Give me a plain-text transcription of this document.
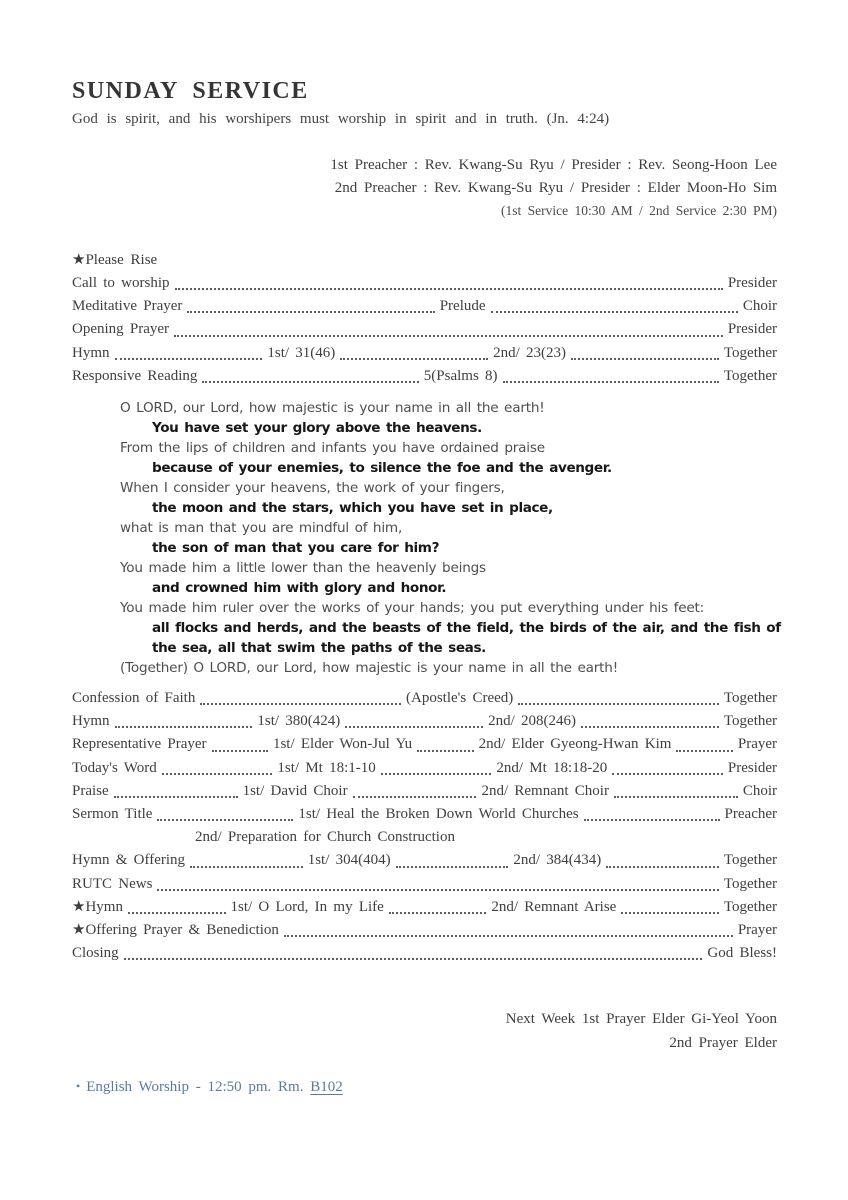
SUNDAY SERVICE
God is spirit, and his worshipers must worship in spirit and in truth. (Jn. 4:24)
1st Preacher : Rev. Kwang-Su Ryu / Presider : Rev. Seong-Hoon Lee
2nd Preacher : Rev. Kwang-Su Ryu / Presider : Elder Moon-Ho Sim
(1st Service 10:30 AM / 2nd Service 2:30 PM)
★Please Rise
Call to worship	Presider
Meditative Prayer	Prelude	Choir
Opening Prayer	Presider
Hymn	1st/ 31(46)	2nd/ 23(23)	Together
Responsive Reading	5(Psalms 8)	Together
O LORD, our Lord, how majestic is your name in all the earth!
You have set your glory above the heavens.
From the lips of children and infants you have ordained praise
because of your enemies, to silence the foe and the avenger.
When I consider your heavens, the work of your fingers,
the moon and the stars, which you have set in place,
what is man that you are mindful of him,
the son of man that you care for him?
You made him a little lower than the heavenly beings
and crowned him with glory and honor.
You made him ruler over the works of your hands; you put everything under his feet:
all flocks and herds, and the beasts of the field, the birds of the air, and the fish of
the sea, all that swim the paths of the seas.
(Together) O LORD, our Lord, how majestic is your name in all the earth!
Confession of Faith	(Apostle's Creed)	Together
Hymn	1st/ 380(424)	2nd/ 208(246)	Together
Representative Prayer	1st/ Elder Won-Jul Yu	2nd/ Elder Gyeong-Hwan Kim	Prayer
Today's Word	1st/ Mt 18:1-10	2nd/ Mt 18:18-20	Presider
Praise	1st/ David Choir	2nd/ Remnant Choir	Choir
Sermon Title	1st/ Heal the Broken Down World Churches	Preacher
2nd/ Preparation for Church Construction
Hymn & Offering	1st/ 304(404)	2nd/ 384(434)	Together
RUTC News	Together
★Hymn	1st/ O Lord, In my Life	2nd/ Remnant Arise	Together
★Offering Prayer & Benediction	Prayer
Closing	God Bless!
Next Week 1st Prayer Elder Gi-Yeol Yoon
2nd Prayer Elder
• English Worship - 12:50 pm. Rm. B102
